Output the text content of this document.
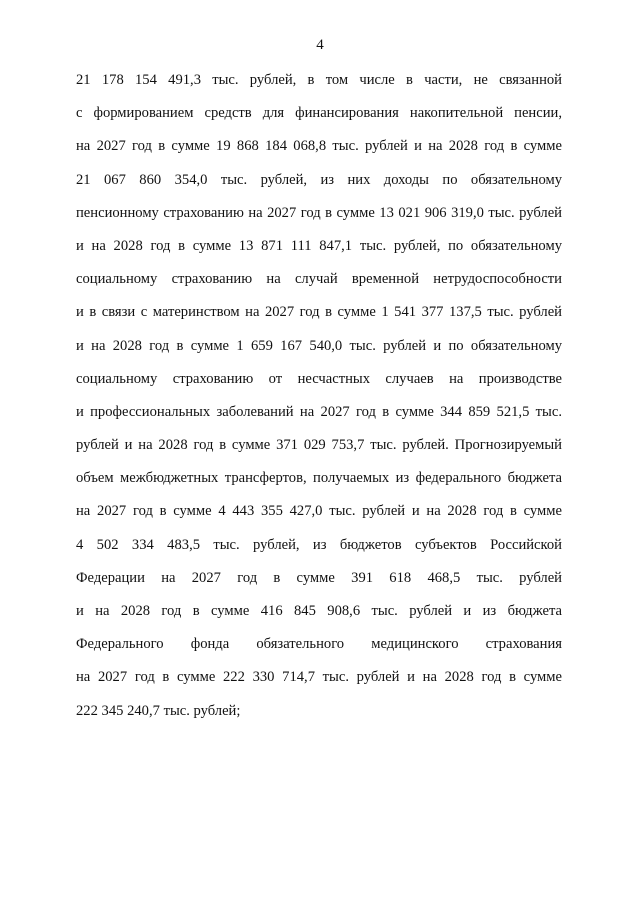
4
21 178 154 491,3 тыс. рублей, в том числе в части, не связанной
с формированием средств для финансирования накопительной пенсии,
на 2027 год в сумме 19 868 184 068,8 тыс. рублей и на 2028 год в сумме
21 067 860 354,0 тыс. рублей, из них доходы по обязательному
пенсионному страхованию на 2027 год в сумме 13 021 906 319,0 тыс. рублей
и на 2028 год в сумме 13 871 111 847,1 тыс. рублей, по обязательному
социальному страхованию на случай временной нетрудоспособности
и в связи с материнством на 2027 год в сумме 1 541 377 137,5 тыс. рублей
и на 2028 год в сумме 1 659 167 540,0 тыс. рублей и по обязательному
социальному страхованию от несчастных случаев на производстве
и профессиональных заболеваний на 2027 год в сумме 344 859 521,5 тыс.
рублей и на 2028 год в сумме 371 029 753,7 тыс. рублей. Прогнозируемый
объем межбюджетных трансфертов, получаемых из федерального бюджета
на 2027 год в сумме 4 443 355 427,0 тыс. рублей и на 2028 год в сумме
4 502 334 483,5 тыс. рублей, из бюджетов субъектов Российской
Федерации на 2027 год в сумме 391 618 468,5 тыс. рублей
и на 2028 год в сумме 416 845 908,6 тыс. рублей и из бюджета
Федерального фонда обязательного медицинского страхования
на 2027 год в сумме 222 330 714,7 тыс. рублей и на 2028 год в сумме
222 345 240,7 тыс. рублей;
